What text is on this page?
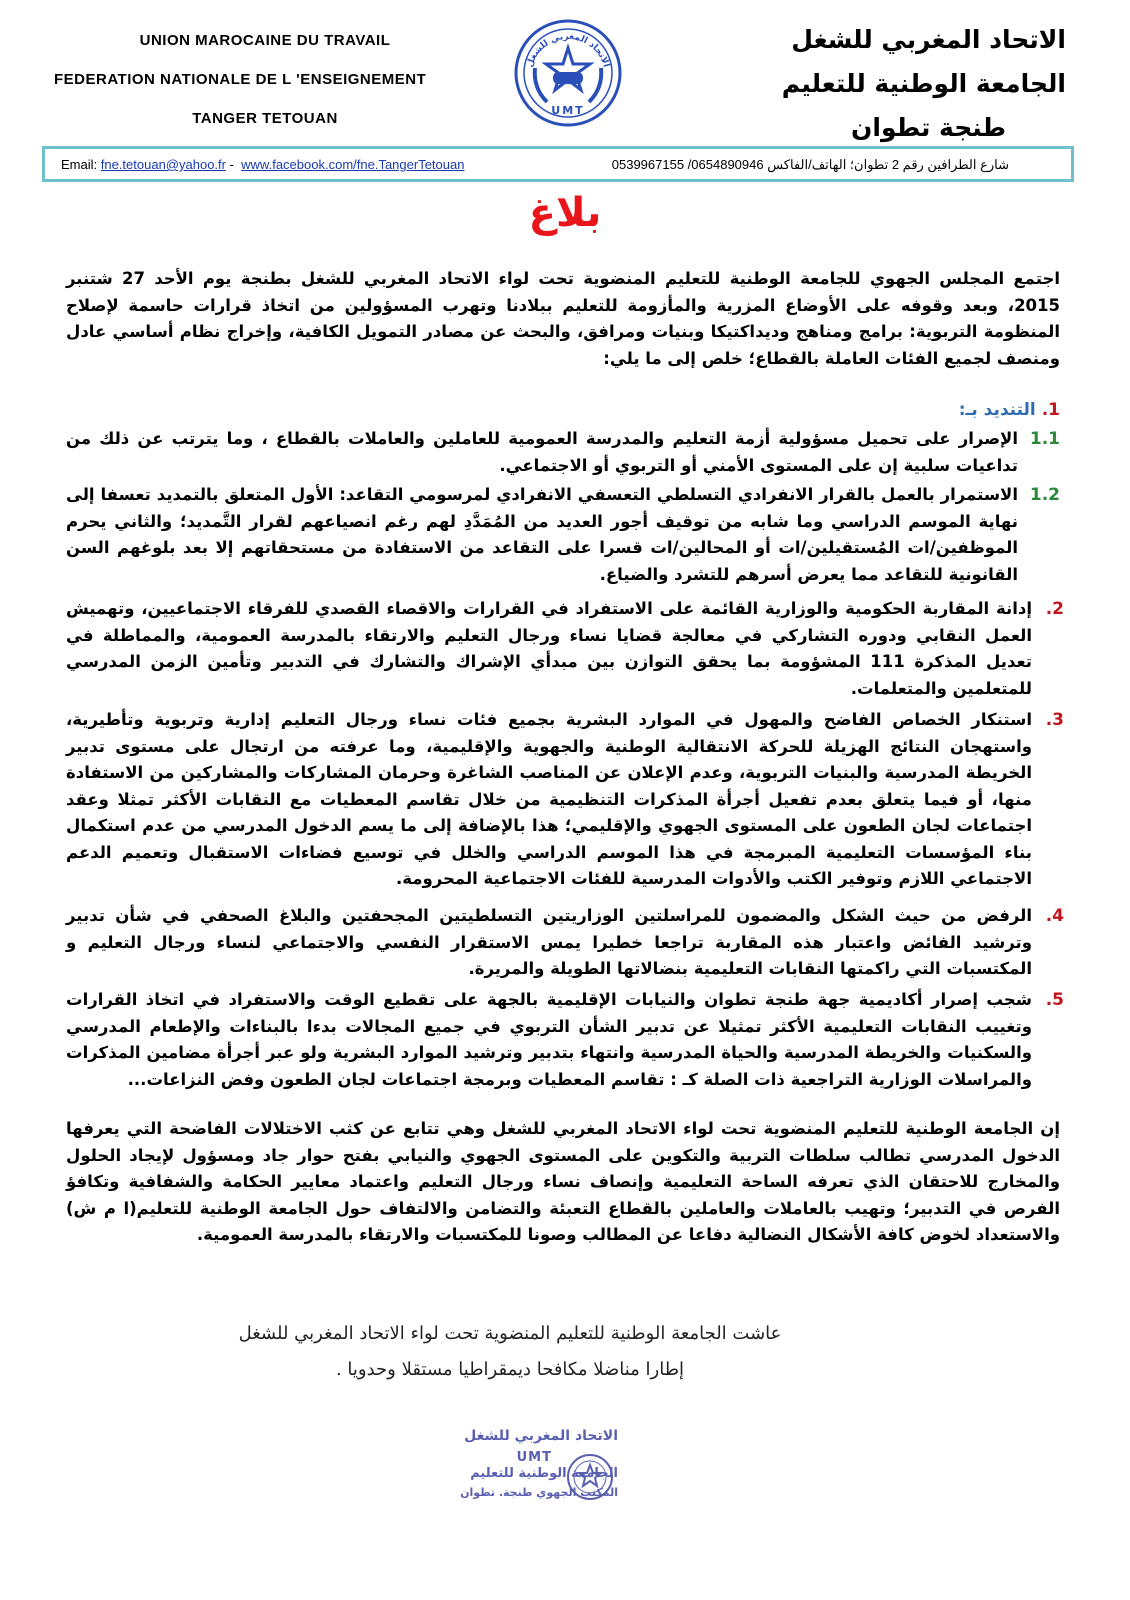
UNION MAROCAINE DU TRAVAIL
FEDERATION NATIONALE DE L 'ENSEIGNEMENT
TANGER TETOUAN
الاتحاد المغربي للشغل
UMT
الاتحاد المغربي للشغل
الجامعة الوطنية للتعليم
طنجة تطوان
Email: fne.tetouan@yahoo.fr -  www.facebook.com/fne.TangerTetouan	شارع الطرافين رقم 2 تطوان؛ الهاتف/الفاكس 0654890946/ 0539967155
بلاغ
اجتمع المجلس الجهوي للجامعة الوطنية للتعليم المنضوية تحت لواء الاتحاد المغربي للشغل بطنجة يوم الأحد 27 شتنبر 2015، وبعد وقوفه على الأوضاع المزرية والمأزومة للتعليم ببلادنا وتهرب المسؤولين من اتخاذ قرارات حاسمة لإصلاح المنظومة التربوية: برامج ومناهج وديداكتيكا وبنيات ومرافق، والبحث عن مصادر التمويل الكافية، وإخراج نظام أساسي عادل ومنصف لجميع الفئات العاملة بالقطاع؛ خلص إلى ما يلي:
1. التنديد بـ:
1.1
الإصرار على تحميل مسؤولية أزمة التعليم والمدرسة العمومية للعاملين والعاملات بالقطاع ، وما يترتب عن ذلك من تداعيات سلبية إن على المستوى الأمني أو التربوي أو الاجتماعي.
1.2
الاستمرار بالعمل بالقرار الانفرادي التسلطي التعسفي الانفرادي لمرسومي التقاعد: الأول المتعلق بالتمديد تعسفا إلى نهاية الموسم الدراسي وما شابه من توقيف أجور العديد من المُمَدَّدِ لهم رغم انصياعهم لقرار التَّمديد؛ والثاني يحرم الموظفين/ات المُستقيلين/ات أو المحالين/ات قسرا على التقاعد من الاستفادة من مستحقاتهم إلا بعد بلوغهم السن القانونية للتقاعد مما يعرض أسرهم للتشرد والضياع.
2.
إدانة المقاربة الحكومية والوزارية القائمة على الاستفراد في القرارات والاقصاء القصدي للفرقاء الاجتماعيين، وتهميش العمل النقابي ودوره التشاركي في معالجة قضايا نساء ورجال التعليم والارتقاء بالمدرسة العمومية، والمماطلة في تعديل المذكرة 111 المشؤومة بما يحقق التوازن بين مبدأي الإشراك والتشارك في التدبير وتأمين الزمن المدرسي للمتعلمين والمتعلمات.
3.
استنكار الخصاص الفاضح والمهول في الموارد البشرية بجميع فئات نساء ورجال التعليم إدارية وتربوية وتأطيرية، واستهجان النتائج الهزيلة للحركة الانتقالية الوطنية والجهوية والإقليمية، وما عرفته من ارتجال على مستوى تدبير الخريطة المدرسية والبنيات التربوية، وعدم الإعلان عن المناصب الشاغرة وحرمان المشاركات والمشاركين من الاستفادة منها، أو فيما يتعلق بعدم تفعيل أجرأة المذكرات التنظيمية من خلال تقاسم المعطيات مع النقابات الأكثر تمثلا وعقد اجتماعات لجان الطعون على المستوى الجهوي والإقليمي؛ هذا بالإضافة إلى ما يسم الدخول المدرسي من عدم استكمال بناء المؤسسات التعليمية المبرمجة في هذا الموسم الدراسي والخلل في توسيع فضاءات الاستقبال وتعميم الدعم الاجتماعي اللازم وتوفير الكتب والأدوات المدرسية للفئات الاجتماعية المحرومة.
4.
الرفض من حيث الشكل والمضمون للمراسلتين الوزاريتين التسلطيتين المجحفتين والبلاغ الصحفي في شأن تدبير وترشيد الفائض واعتبار هذه المقاربة تراجعا خطيرا يمس الاستقرار النفسي والاجتماعي لنساء ورجال التعليم و المكتسبات التي راكمتها النقابات التعليمية بنضالاتها الطويلة والمريرة.
5.
شجب إصرار أكاديمية جهة طنجة تطوان والنيابات الإقليمية بالجهة على تقطيع الوقت والاستفراد في اتخاذ القرارات وتغييب النقابات التعليمية الأكثر تمثيلا عن تدبير الشأن التربوي في جميع المجالات بدءا بالبناءات والإطعام المدرسي والسكنيات والخريطة المدرسية والحياة المدرسية وانتهاء بتدبير وترشيد الموارد البشرية ولو عبر أجرأة مضامين المذكرات والمراسلات الوزارية التراجعية ذات الصلة كـ : تقاسم المعطيات وبرمجة اجتماعات لجان الطعون وفض النزاعات...
إن الجامعة الوطنية للتعليم المنضوية تحت لواء الاتحاد المغربي للشغل وهي تتابع عن كثب الاختلالات الفاضحة التي يعرفها الدخول المدرسي تطالب سلطات التربية والتكوين على المستوى الجهوي والنيابي بفتح حوار جاد ومسؤول لإيجاد الحلول والمخارج للاحتقان الذي تعرفه الساحة التعليمية وإنصاف نساء ورجال التعليم واعتماد معايير الحكامة والشفافية وتكافؤ الفرص في التدبير؛ وتهيب بالعاملات والعاملين بالقطاع التعبئة والتضامن والالتفاف حول الجامعة الوطنية للتعليم(ا م ش) والاستعداد لخوض كافة الأشكال النضالية دفاعا عن المطالب وصونا للمكتسبات والارتقاء بالمدرسة العمومية.
عاشت الجامعة الوطنية للتعليم المنضوية تحت لواء الاتحاد المغربي للشغل
إطارا مناضلا مكافحا ديمقراطيا مستقلا وحدويا .
الاتحاد المغربي للشغل
UMT
الجامعة الوطنية للتعليم
المكتب الجهوي طنجة. تطوان
